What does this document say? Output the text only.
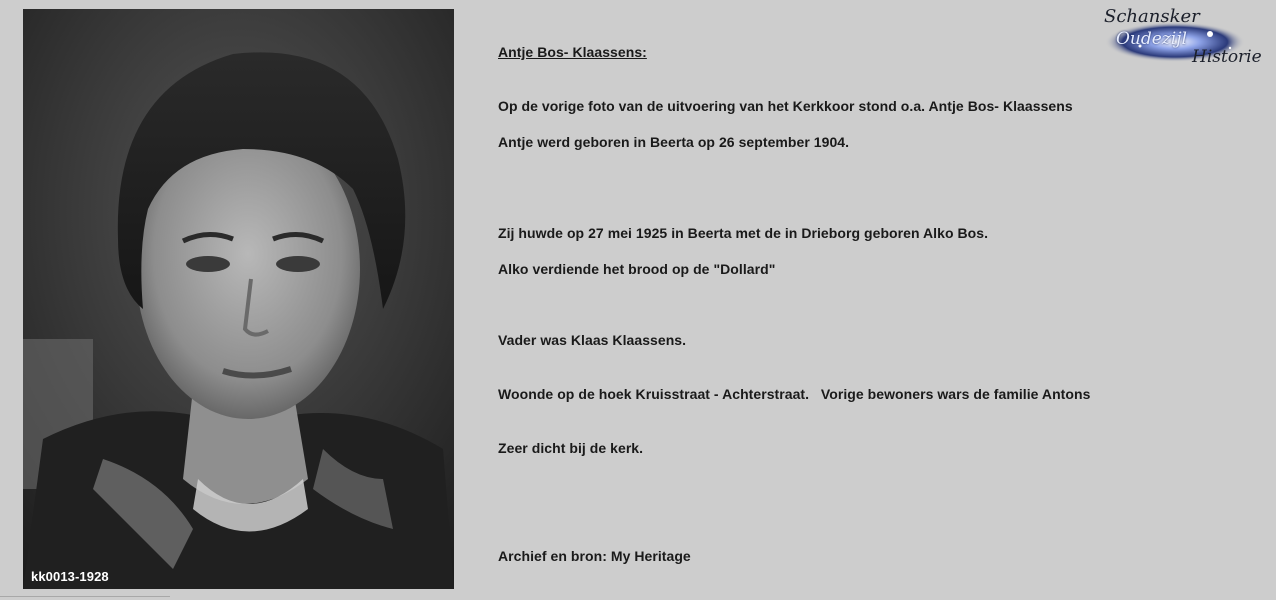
kk0013-1928
Antje Bos- Klaassens:
Op de vorige foto van de uitvoering van het Kerkkoor stond o.a. Antje Bos- Klaassens
Antje werd geboren in Beerta op 26 september 1904.
Zij huwde op 27 mei 1925 in Beerta met de in Drieborg geboren Alko Bos.
Alko verdiende het brood op de "Dollard"
Vader was Klaas Klaassens.
Woonde op de hoek Kruisstraat - Achterstraat.   Vorige bewoners wars de familie Antons
Zeer dicht bij de kerk.
Archief en bron: My Heritage
Schansker
Oudezijl
Historie
